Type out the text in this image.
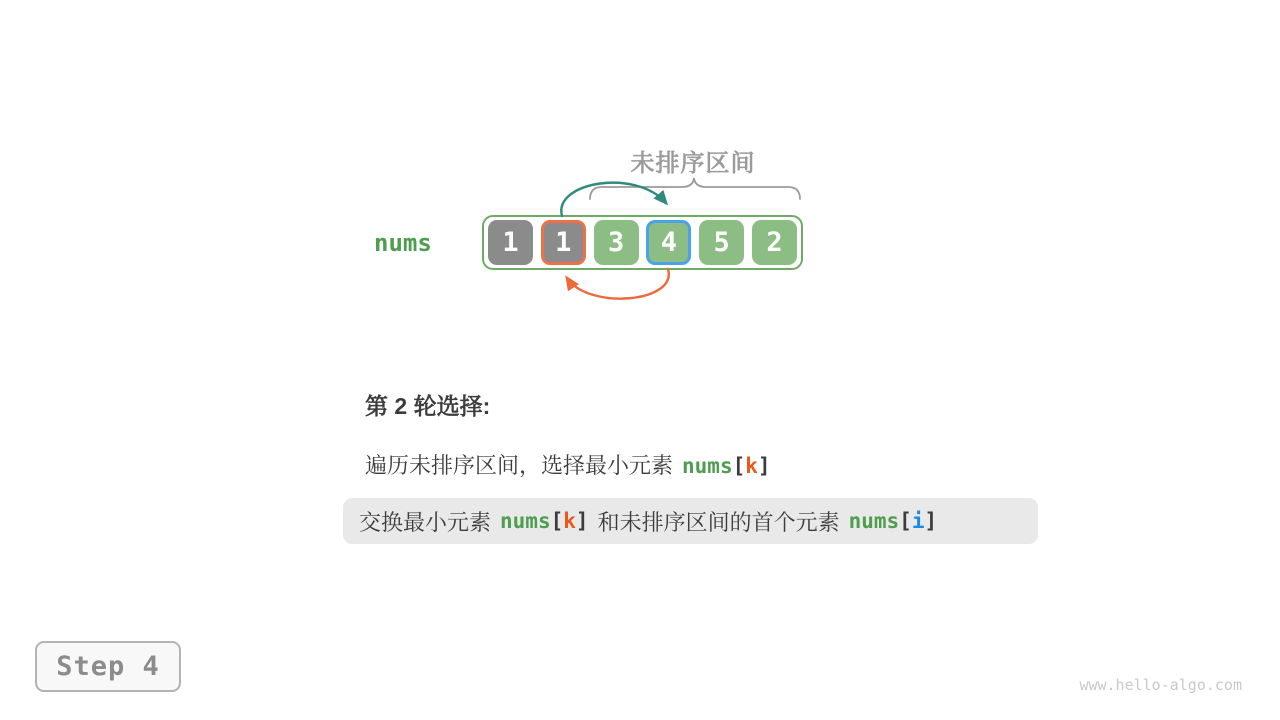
未排序区间
nums	1	1	3	4	5	2
第 2 轮选择:
遍历未排序区间，选择最小元素 nums[k]
交换最小元素 nums[k] 和未排序区间的首个元素 nums[i]
Step 4
www.hello-algo.com
